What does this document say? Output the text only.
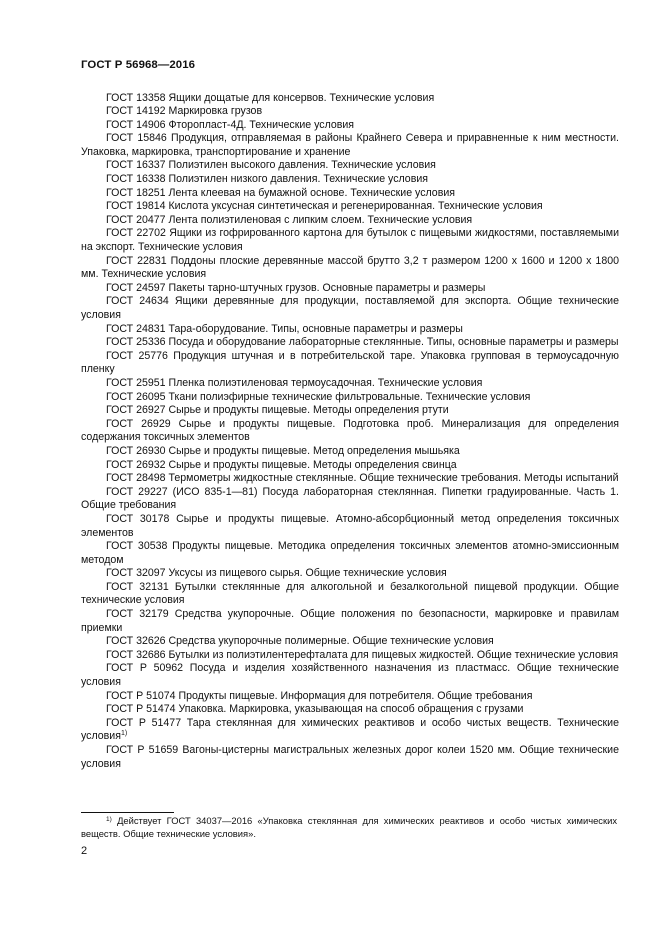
ГОСТ Р 56968—2016
ГОСТ 13358 Ящики дощатые для консервов. Технические условия
ГОСТ 14192 Маркировка грузов
ГОСТ 14906 Фторопласт-4Д. Технические условия
ГОСТ 15846 Продукция, отправляемая в районы Крайнего Севера и приравненные к ним местности. Упаковка, маркировка, транспортирование и хранение
ГОСТ 16337 Полиэтилен высокого давления. Технические условия
ГОСТ 16338 Полиэтилен низкого давления. Технические условия
ГОСТ 18251 Лента клеевая на бумажной основе. Технические условия
ГОСТ 19814 Кислота уксусная синтетическая и регенерированная. Технические условия
ГОСТ 20477 Лента полиэтиленовая с липким слоем. Технические условия
ГОСТ 22702 Ящики из гофрированного картона для бутылок с пищевыми жидкостями, поставляемыми на экспорт. Технические условия
ГОСТ 22831 Поддоны плоские деревянные массой брутто 3,2 т размером 1200 х 1600 и 1200 х 1800 мм. Технические условия
ГОСТ 24597 Пакеты тарно-штучных грузов. Основные параметры и размеры
ГОСТ 24634 Ящики деревянные для продукции, поставляемой для экспорта. Общие технические условия
ГОСТ 24831 Тара-оборудование. Типы, основные параметры и размеры
ГОСТ 25336 Посуда и оборудование лабораторные стеклянные. Типы, основные параметры и размеры
ГОСТ 25776 Продукция штучная и в потребительской таре. Упаковка групповая в термоусадочную пленку
ГОСТ 25951 Пленка полиэтиленовая термоусадочная. Технические условия
ГОСТ 26095 Ткани полиэфирные технические фильтровальные. Технические условия
ГОСТ 26927 Сырье и продукты пищевые. Методы определения ртути
ГОСТ 26929 Сырье и продукты пищевые. Подготовка проб. Минерализация для определения содержания токсичных элементов
ГОСТ 26930 Сырье и продукты пищевые. Метод определения мышьяка
ГОСТ 26932 Сырье и продукты пищевые. Методы определения свинца
ГОСТ 28498 Термометры жидкостные стеклянные. Общие технические требования. Методы испытаний
ГОСТ 29227 (ИСО 835-1—81) Посуда лабораторная стеклянная. Пипетки градуированные. Часть 1. Общие требования
ГОСТ 30178 Сырье и продукты пищевые. Атомно-абсорбционный метод определения токсичных элементов
ГОСТ 30538 Продукты пищевые. Методика определения токсичных элементов атомно-эмиссионным методом
ГОСТ 32097 Уксусы из пищевого сырья. Общие технические условия
ГОСТ 32131 Бутылки стеклянные для алкогольной и безалкогольной пищевой продукции. Общие технические условия
ГОСТ 32179 Средства укупорочные. Общие положения по безопасности, маркировке и правилам приемки
ГОСТ 32626 Средства укупорочные полимерные. Общие технические условия
ГОСТ 32686 Бутылки из полиэтилентерефталата для пищевых жидкостей. Общие технические условия
ГОСТ Р 50962 Посуда и изделия хозяйственного назначения из пластмасс. Общие технические условия
ГОСТ Р 51074 Продукты пищевые. Информация для потребителя. Общие требования
ГОСТ Р 51474 Упаковка. Маркировка, указывающая на способ обращения с грузами
ГОСТ Р 51477 Тара стеклянная для химических реактивов и особо чистых веществ. Технические условия$^{1)}$
ГОСТ Р 51659 Вагоны-цистерны магистральных железных дорог колеи 1520 мм. Общие технические условия
$^{1)}$ Действует ГОСТ 34037—2016 «Упаковка стеклянная для химических реактивов и особо чистых химических веществ. Общие технические условия».
2
